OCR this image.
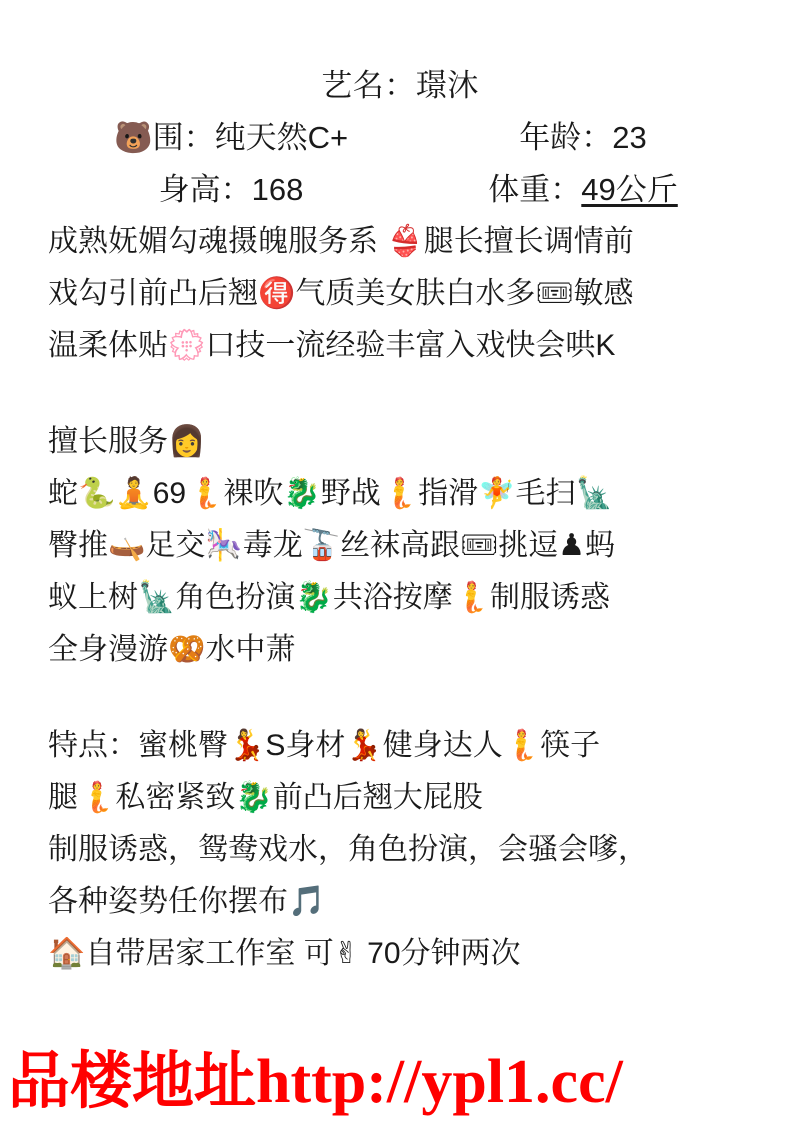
艺名：璟沐
🐻围：纯天然C+	年龄：23
身高：168	体重：49公斤
成熟妩媚勾魂摄魄服务系 👙腿长擅长调情前
戏勾引前凸后翘🉐气质美女肤白水多🎟敏感
温柔体贴💮口技一流经验丰富入戏快会哄K
擅长服务👩
蛇🐍🧘69🧜裸吹🐉野战🧜指滑🧚毛扫🗽
臀推🛶足交🎠毒龙🚡丝袜高跟🎟挑逗♟蚂
蚁上树🗽角色扮演🐉共浴按摩🧜制服诱惑
全身漫游🥨水中萧
特点：蜜桃臀💃S身材💃健身达人🧜筷子
腿🧜私密紧致🐉前凸后翘大屁股
制服诱惑，鸳鸯戏水，角色扮演，会骚会嗲，
各种姿势任你摆布🎵
🏠自带居家工作室 可✌ 70分钟两次
品楼地址http://ypl1.cc/
